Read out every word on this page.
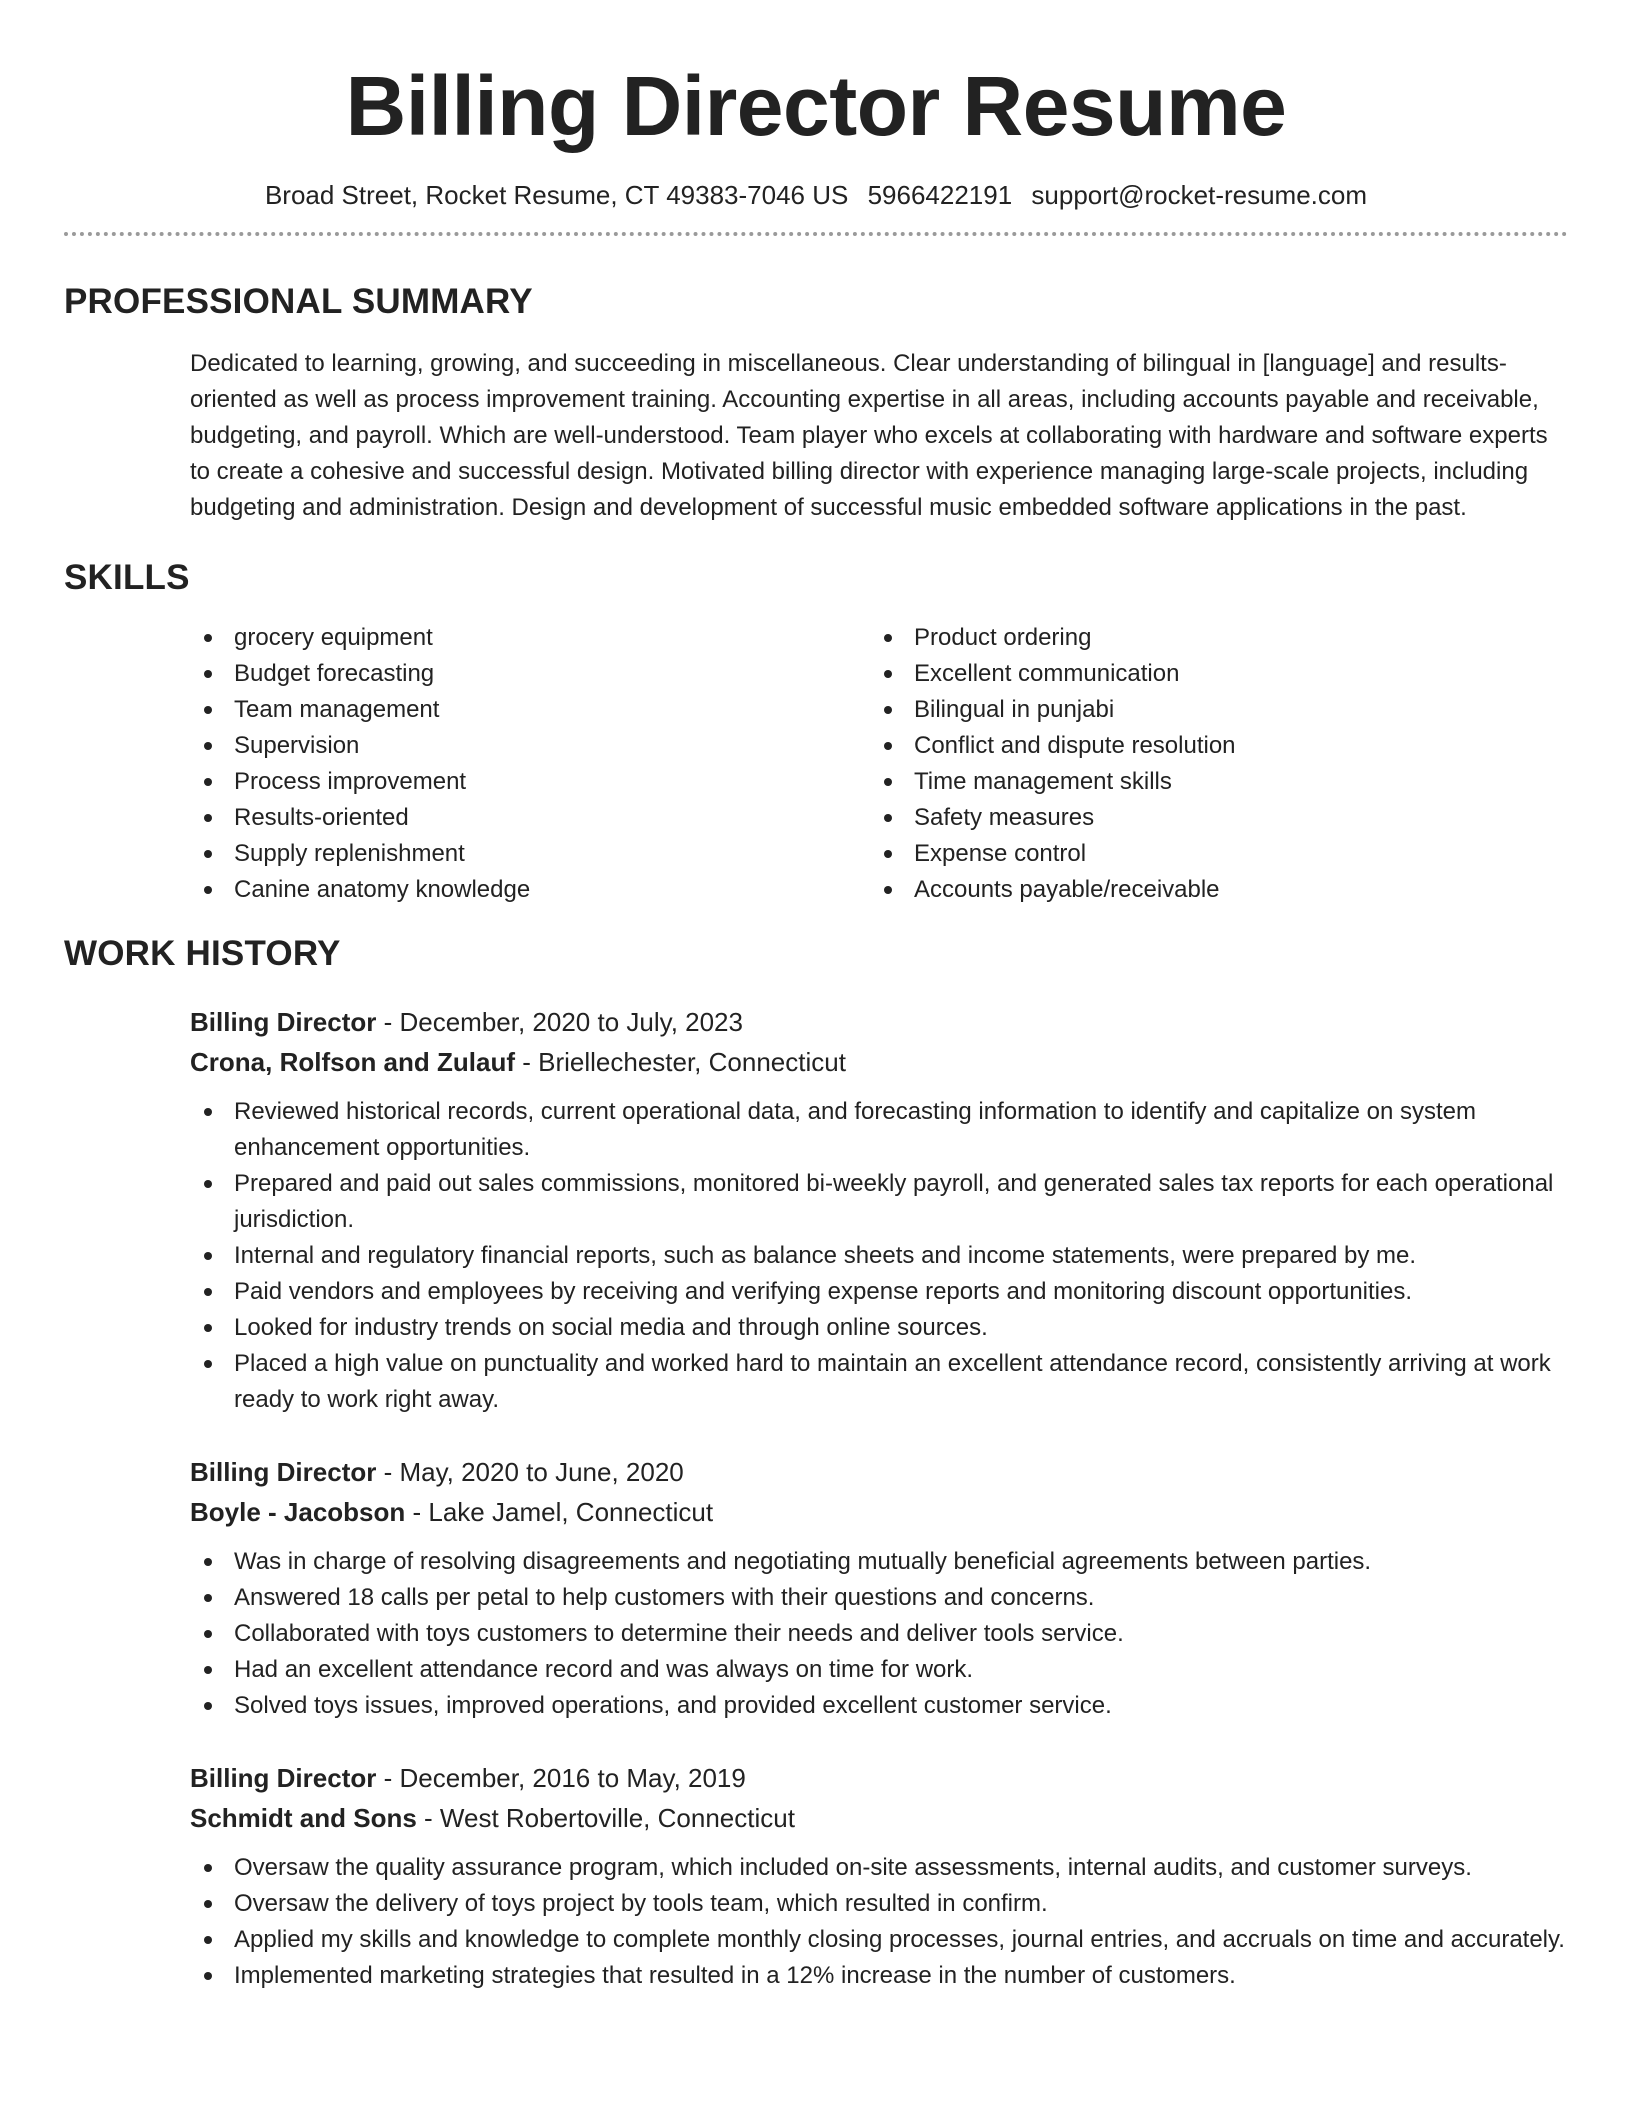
Billing Director Resume
Broad Street, Rocket Resume, CT 49383-7046 US 5966422191 support@rocket-resume.com
PROFESSIONAL SUMMARY

Dedicated to learning, growing, and succeeding in miscellaneous. Clear understanding of bilingual in [language] and results-oriented as well as process improvement training. Accounting expertise in all areas, including accounts payable and receivable, budgeting, and payroll. Which are well-understood. Team player who excels at collaborating with hardware and software experts to create a cohesive and successful design. Motivated billing director with experience managing large-scale projects, including budgeting and administration. Design and development of successful music embedded software applications in the past.

SKILLS
grocery equipment
Budget forecasting
Team management
Supervision
Process improvement
Results-oriented
Supply replenishment
Canine anatomy knowledge
Product ordering
Excellent communication
Bilingual in punjabi
Conflict and dispute resolution
Time management skills
Safety measures
Expense control
Accounts payable/receivable
WORK HISTORY
Billing Director - December, 2020 to July, 2023
Crona, Rolfson and Zulauf - Briellechester, Connecticut
Reviewed historical records, current operational data, and forecasting information to identify and capitalize on system enhancement opportunities.
Prepared and paid out sales commissions, monitored bi-weekly payroll, and generated sales tax reports for each operational jurisdiction.
Internal and regulatory financial reports, such as balance sheets and income statements, were prepared by me.
Paid vendors and employees by receiving and verifying expense reports and monitoring discount opportunities.
Looked for industry trends on social media and through online sources.
Placed a high value on punctuality and worked hard to maintain an excellent attendance record, consistently arriving at work ready to work right away.
Billing Director - May, 2020 to June, 2020
Boyle - Jacobson - Lake Jamel, Connecticut
Was in charge of resolving disagreements and negotiating mutually beneficial agreements between parties.
Answered 18 calls per petal to help customers with their questions and concerns.
Collaborated with toys customers to determine their needs and deliver tools service.
Had an excellent attendance record and was always on time for work.
Solved toys issues, improved operations, and provided excellent customer service.
Billing Director - December, 2016 to May, 2019
Schmidt and Sons - West Robertoville, Connecticut
Oversaw the quality assurance program, which included on-site assessments, internal audits, and customer surveys.
Oversaw the delivery of toys project by tools team, which resulted in confirm.
Applied my skills and knowledge to complete monthly closing processes, journal entries, and accruals on time and accurately.
Implemented marketing strategies that resulted in a 12% increase in the number of customers.
